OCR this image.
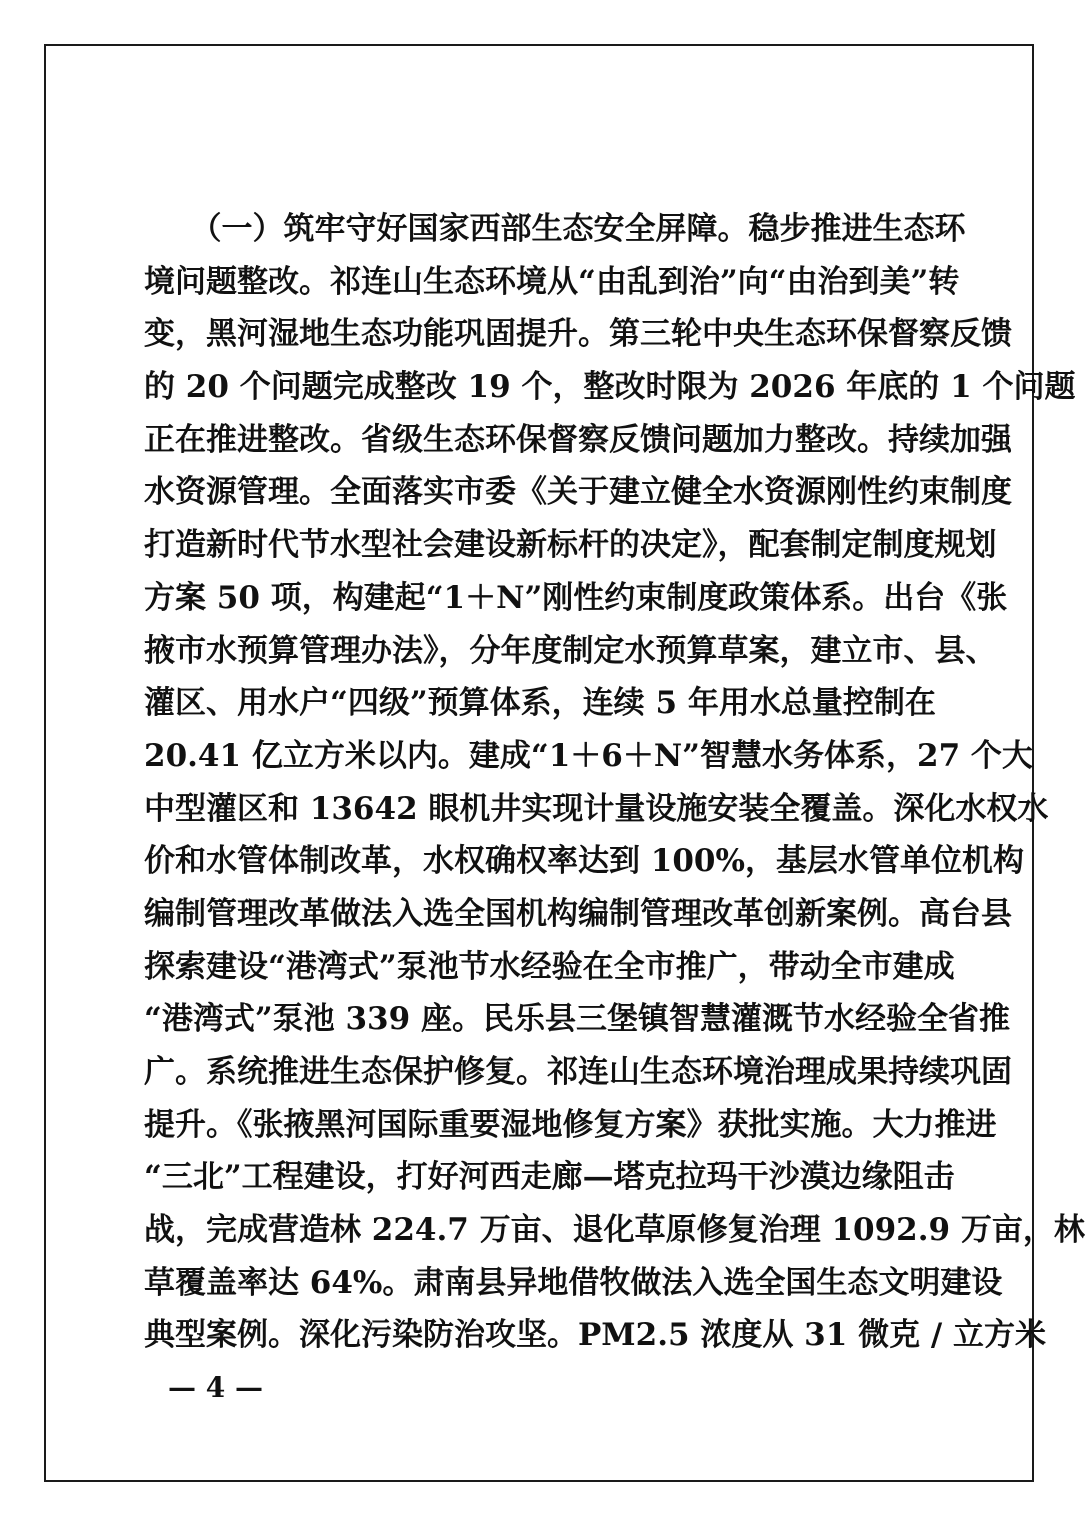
　　（一）筑牢守好国家西部生态安全屏障。稳步推进生态环
境问题整改。祁连山生态环境从“由乱到治”向“由治到美”转
变，黑河湿地生态功能巩固提升。第三轮中央生态环保督察反馈
的 20 个问题完成整改 19 个，整改时限为 2026 年底的 1 个问题
正在推进整改。省级生态环保督察反馈问题加力整改。持续加强
水资源管理。全面落实市委《关于建立健全水资源刚性约束制度
打造新时代节水型社会建设新标杆的决定》，配套制定制度规划
方案 50 项，构建起“1＋N”刚性约束制度政策体系。出台《张
掖市水预算管理办法》，分年度制定水预算草案，建立市、县、
灌区、用水户“四级”预算体系，连续 5 年用水总量控制在
20.41 亿立方米以内。建成“1＋6＋N”智慧水务体系，27 个大
中型灌区和 13642 眼机井实现计量设施安装全覆盖。深化水权水
价和水管体制改革，水权确权率达到 100%，基层水管单位机构
编制管理改革做法入选全国机构编制管理改革创新案例。高台县
探索建设“港湾式”泵池节水经验在全市推广，带动全市建成
“港湾式”泵池 339 座。民乐县三堡镇智慧灌溉节水经验全省推
广。系统推进生态保护修复。祁连山生态环境治理成果持续巩固
提升。《张掖黑河国际重要湿地修复方案》获批实施。大力推进
“三北”工程建设，打好河西走廊—塔克拉玛干沙漠边缘阻击
战，完成营造林 224.7 万亩、退化草原修复治理 1092.9 万亩，林
草覆盖率达 64%。肃南县异地借牧做法入选全国生态文明建设
典型案例。深化污染防治攻坚。PM2.5 浓度从 31 微克 / 立方米
— 4 —
